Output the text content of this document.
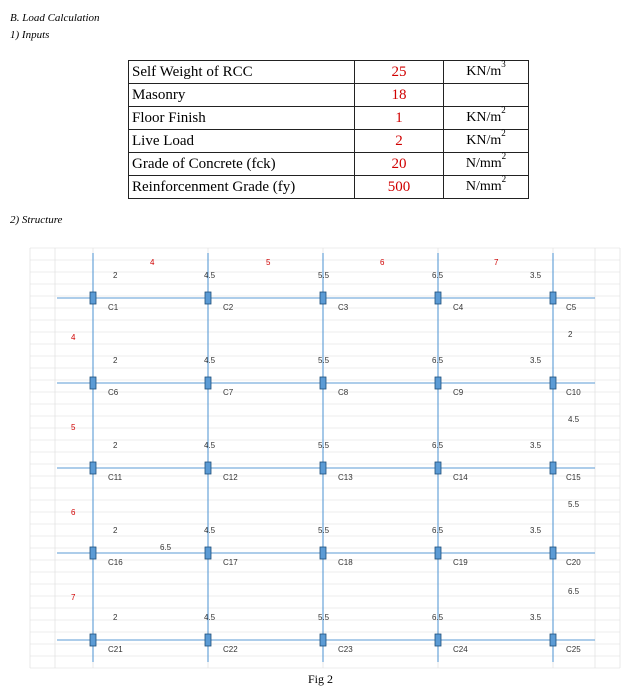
B. Load Calculation
1) Inputs
Self Weight of RCC	25	$KN/m^3$
Masonry	18	
Floor Finish	1	$KN/m^2$
Live Load	2	$KN/m^2$
Grade of Concrete (fck)	20	$N/mm^2$
Reinforcenment Grade (fy)	500	$N/mm^2$
2) Structure
4	5	6	7
4
5
6
7
2	4.5	5.5	6.5	3.5
2	4.5	5.5	6.5	3.5
2	4.5	5.5	6.5	3.5
2	4.5	5.5	6.5	3.5
2	4.5	5.5	6.5	3.5
2
4.5
5.5
6.5
6.5
C1	C2	C3	C4	C5
C6	C7	C8	C9	C10
C11	C12	C13	C14	C15
C16	C17	C18	C19	C20
C21	C22	C23	C24	C25
Fig 2
